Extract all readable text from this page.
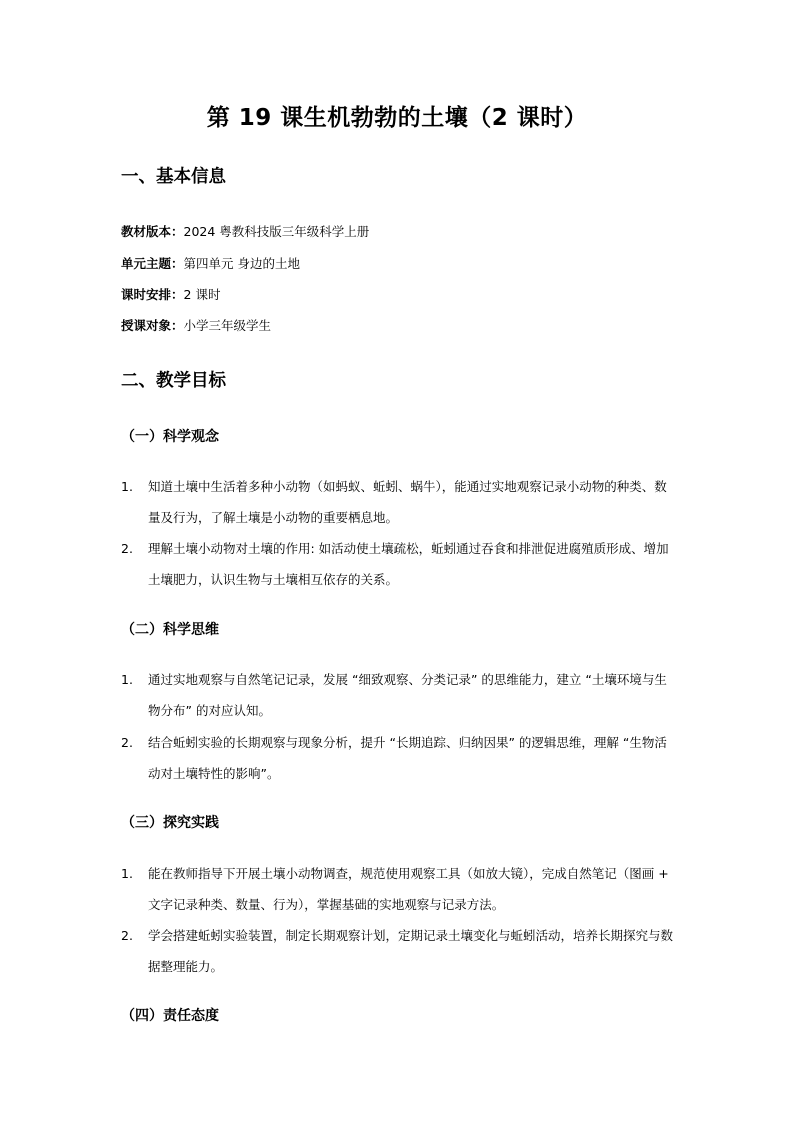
第 19 课生机勃勃的土壤（2 课时）
一、基本信息
教材版本：2024 粤教科技版三年级科学上册
单元主题：第四单元 身边的土地
课时安排：2 课时
授课对象：小学三年级学生
二、教学目标
（一）科学观念
1. 知道土壤中生活着多种小动物（如蚂蚁、蚯蚓、蜗牛），能通过实地观察记录小动物的种类、数量及行为，了解土壤是小动物的重要栖息地。
2. 理解土壤小动物对土壤的作用: 如活动使土壤疏松，蚯蚓通过吞食和排泄促进腐殖质形成、增加土壤肥力，认识生物与土壤相互依存的关系。
（二）科学思维
1. 通过实地观察与自然笔记记录，发展 “细致观察、分类记录” 的思维能力，建立 “土壤环境与生物分布” 的对应认知。
2. 结合蚯蚓实验的长期观察与现象分析，提升 “长期追踪、归纳因果” 的逻辑思维，理解 “生物活动对土壤特性的影响”。
（三）探究实践
1. 能在教师指导下开展土壤小动物调查，规范使用观察工具（如放大镜），完成自然笔记（图画 + 文字记录种类、数量、行为），掌握基础的实地观察与记录方法。
2. 学会搭建蚯蚓实验装置，制定长期观察计划，定期记录土壤变化与蚯蚓活动，培养长期探究与数据整理能力。
（四）责任态度
